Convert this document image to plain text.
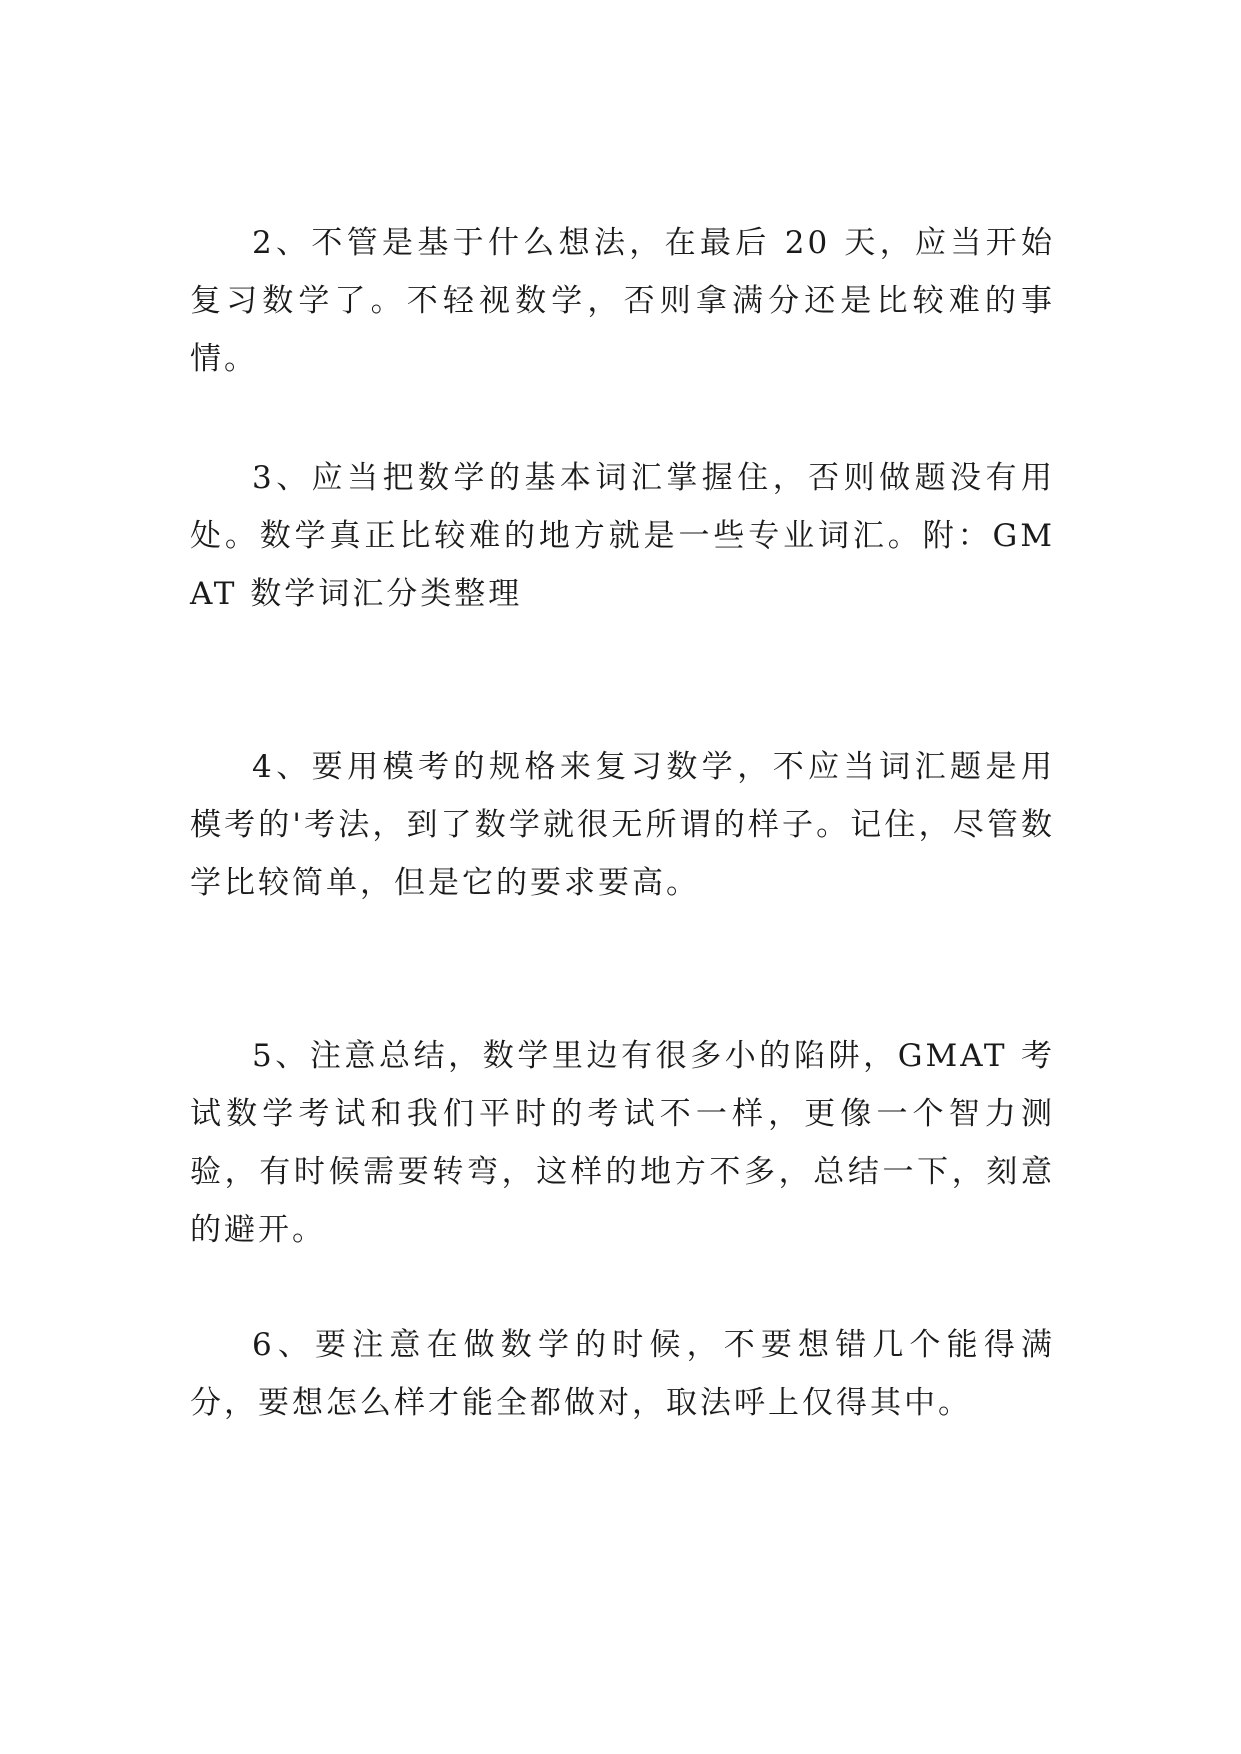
2、不管是基于什么想法，在最后 20 天，应当开始复习数学了。不轻视数学，否则拿满分还是比较难的事情。

3、应当把数学的基本词汇掌握住，否则做题没有用处。数学真正比较难的地方就是一些专业词汇。附：GMAT 数学词汇分类整理

4、要用模考的规格来复习数学，不应当词汇题是用模考的'考法，到了数学就很无所谓的样子。记住，尽管数学比较简单，但是它的要求要高。

5、注意总结，数学里边有很多小的陷阱，GMAT 考试数学考试和我们平时的考试不一样，更像一个智力测验，有时候需要转弯，这样的地方不多，总结一下，刻意的避开。

6、要注意在做数学的时候，不要想错几个能得满分，要想怎么样才能全都做对，取法呼上仅得其中。
